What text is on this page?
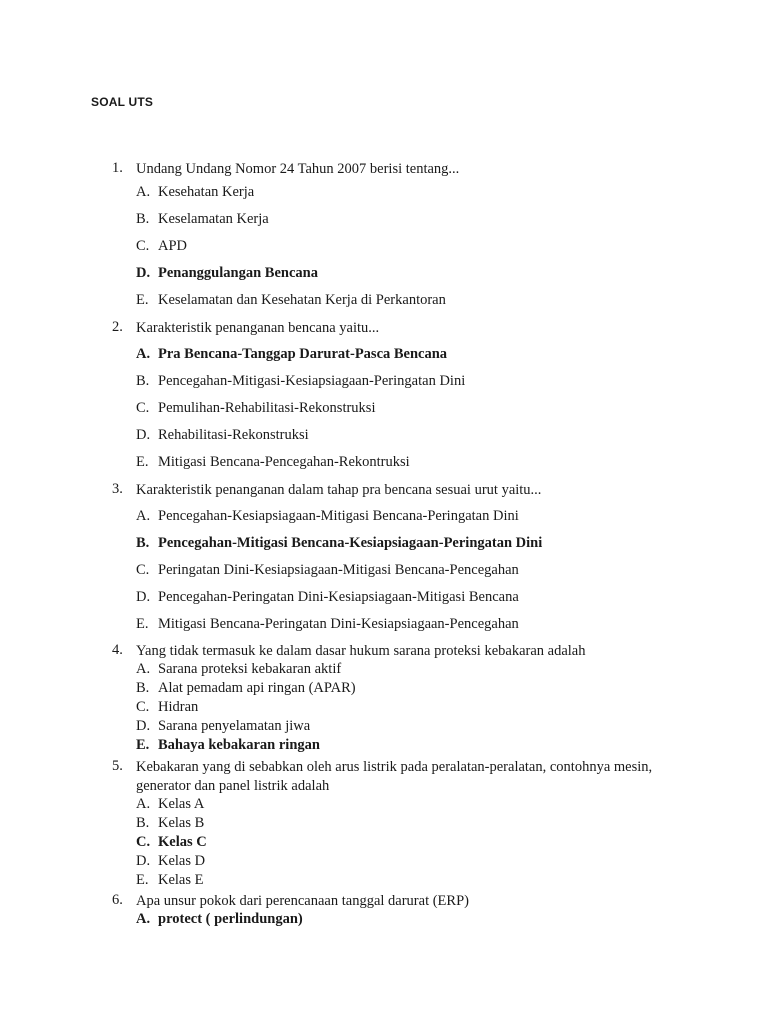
SOAL UTS
1. Undang Undang Nomor 24 Tahun 2007 berisi tentang...
A. Kesehatan Kerja
B. Keselamatan Kerja
C. APD
D. Penanggulangan Bencana
E. Keselamatan dan Kesehatan Kerja di Perkantoran
2. Karakteristik penanganan bencana yaitu...
A. Pra Bencana-Tanggap Darurat-Pasca Bencana
B. Pencegahan-Mitigasi-Kesiapsiagaan-Peringatan Dini
C. Pemulihan-Rehabilitasi-Rekonstruksi
D. Rehabilitasi-Rekonstruksi
E. Mitigasi Bencana-Pencegahan-Rekontruksi
3. Karakteristik penanganan dalam tahap pra bencana sesuai urut yaitu...
A. Pencegahan-Kesiapsiagaan-Mitigasi Bencana-Peringatan Dini
B. Pencegahan-Mitigasi Bencana-Kesiapsiagaan-Peringatan Dini
C. Peringatan Dini-Kesiapsiagaan-Mitigasi Bencana-Pencegahan
D. Pencegahan-Peringatan Dini-Kesiapsiagaan-Mitigasi Bencana
E. Mitigasi Bencana-Peringatan Dini-Kesiapsiagaan-Pencegahan
4. Yang tidak termasuk ke dalam dasar hukum sarana proteksi kebakaran adalah
A. Sarana proteksi kebakaran aktif
B. Alat pemadam api ringan (APAR)
C. Hidran
D. Sarana penyelamatan jiwa
E. Bahaya kebakaran ringan
5. Kebakaran yang di sebabkan oleh arus listrik pada peralatan-peralatan, contohnya mesin, generator dan panel listrik adalah
A. Kelas A
B. Kelas B
C. Kelas C
D. Kelas D
E. Kelas E
6. Apa unsur pokok dari perencanaan tanggal darurat (ERP)
A. protect ( perlindungan)
